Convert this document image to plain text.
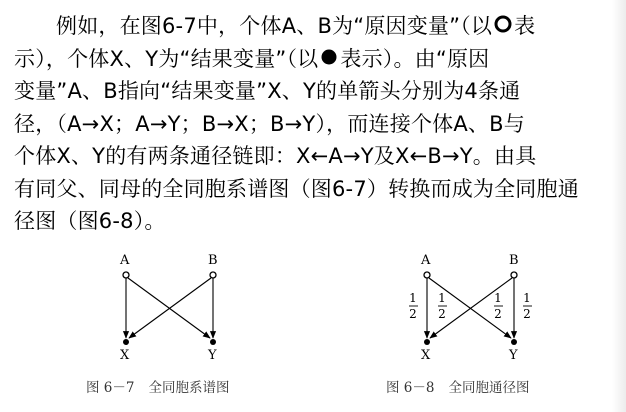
例如，在图6-7中，个体A、B为“原因变量”（以 表
示），个体X、Y为“结果变量”（以 表示）。由“原因
变量”A、B指向“结果变量”X、Y的单箭头分别为4条通
径，（A→X；A→Y；B→X；B→Y），而连接个体A、B与
个体X、Y的有两条通径链即：X←A→Y及X←B→Y。由具
有同父、同母的全同胞系谱图（图6-7）转换而成为全同胞通
径图（图6-8）。
A	B
X	Y
A	B
1
2
1
2
1
2
1
2
X	Y
图 6－7 全同胞系谱图	图 6－8 全同胞通径图
